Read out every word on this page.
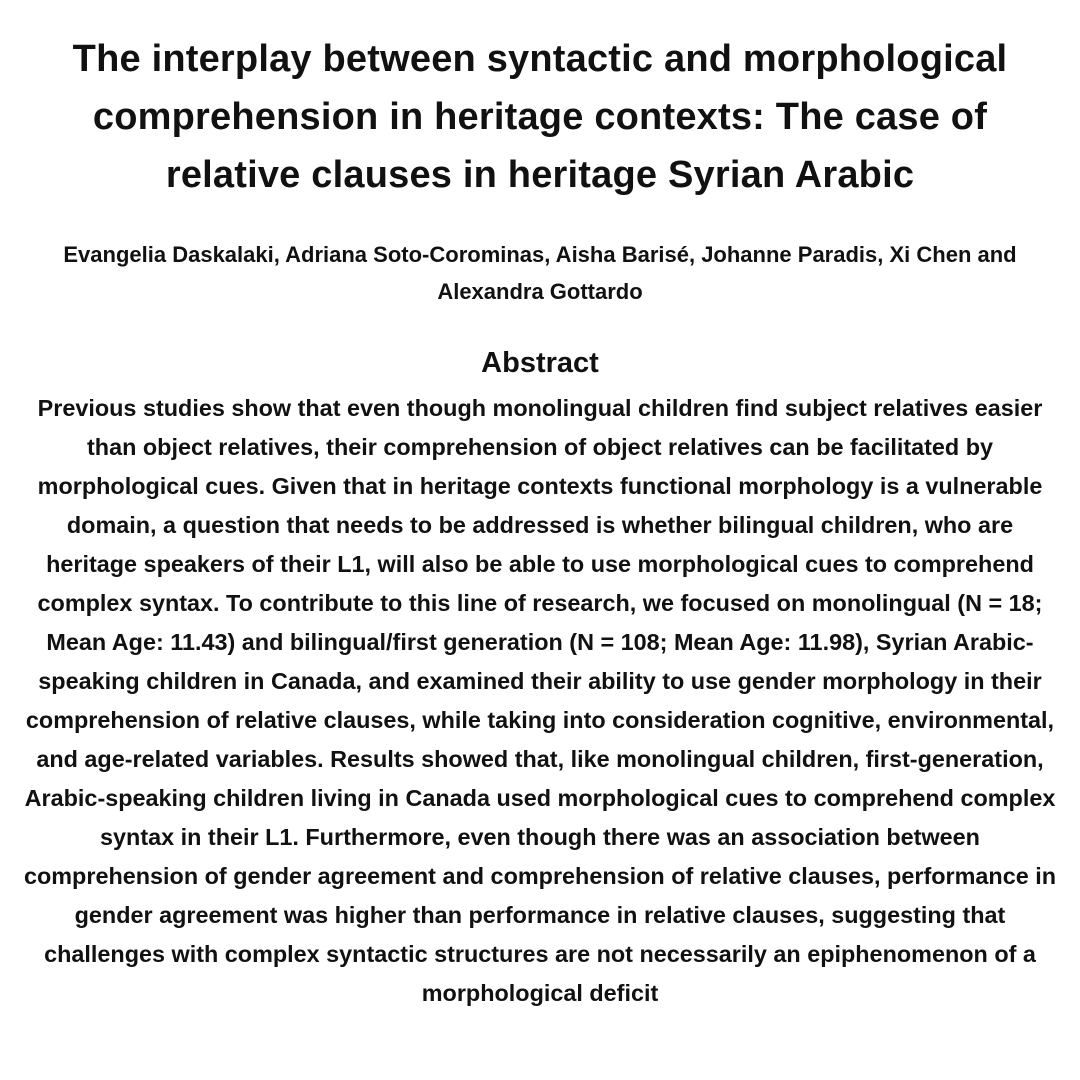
The interplay between syntactic and morphological comprehension in heritage contexts: The case of relative clauses in heritage Syrian Arabic

Evangelia Daskalaki, Adriana Soto-Corominas, Aisha Barisé, Johanne Paradis, Xi Chen and Alexandra Gottardo

Abstract

Previous studies show that even though monolingual children find subject relatives easier than object relatives, their comprehension of object relatives can be facilitated by morphological cues. Given that in heritage contexts functional morphology is a vulnerable domain, a question that needs to be addressed is whether bilingual children, who are heritage speakers of their L1, will also be able to use morphological cues to comprehend complex syntax. To contribute to this line of research, we focused on monolingual (N = 18; Mean Age: 11.43) and bilingual/first generation (N = 108; Mean Age: 11.98), Syrian Arabic-speaking children in Canada, and examined their ability to use gender morphology in their comprehension of relative clauses, while taking into consideration cognitive, environmental, and age-related variables. Results showed that, like monolingual children, first-generation, Arabic-speaking children living in Canada used morphological cues to comprehend complex syntax in their L1. Furthermore, even though there was an association between comprehension of gender agreement and comprehension of relative clauses, performance in gender agreement was higher than performance in relative clauses, suggesting that challenges with complex syntactic structures are not necessarily an epiphenomenon of a morphological deficit
